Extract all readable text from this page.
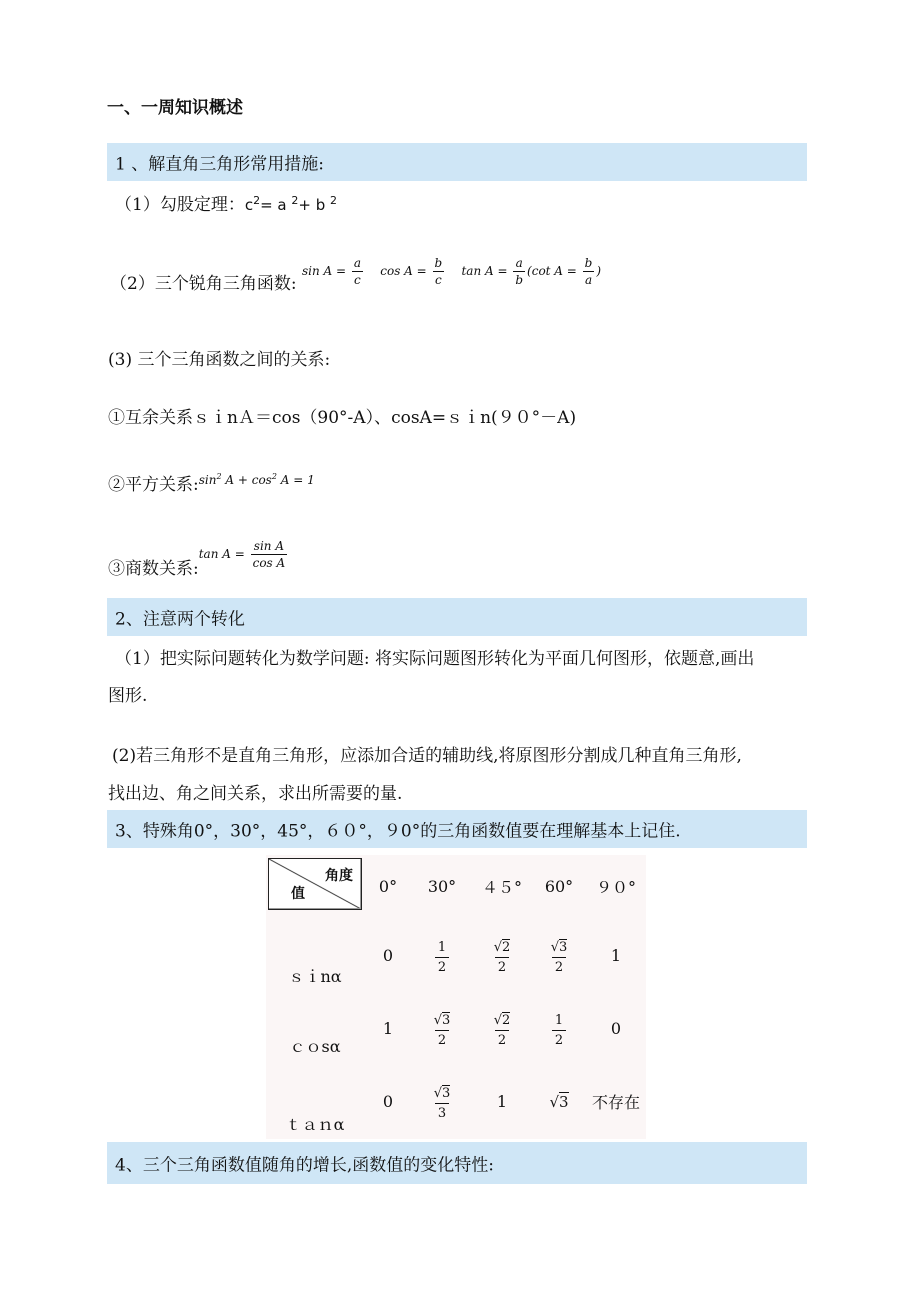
一、一周知识概述
1 、解直角三角形常用措施:
（1）勾股定理：$c^2= a$ $^2$+ b $^2$
（2）三个锐角三角函数: $\sin A = \frac{a}{c}$ $\cos A = \frac{b}{c}$ $\tan A = \frac{a}{b} (\cot$ $A = \frac{b}{a}$ )
(3) 三个三角函数之间的关系:
①互余关系ｓｉnＡ＝cos（90°-A）、cosA=ｓｉn(９０°－A)
②平方关系:$^{sin^2 A + cos^2 A = 1}$
③商数关系:tan $A = \frac{\text{sin A}}{\text{cos A}}$
2、注意两个转化
（1）把实际问题转化为数学问题: 将实际问题图形转化为平面几何图形，依题意,画出
图形.
(2)若三角形不是直角三角形，应添加合适的辅助线,将原图形分割成几种直角三角形,
找出边、角之间关系，求出所需要的量.
3、特殊角0°，30°，45°，６０°，９0°的三角函数值要在理解基本上记住.
角度
值	0°	30°	４５°	60°	９０°
ｓｉnα	0	$\frac{1}{2}$	$\frac{√2}{2}$	$\frac{√3}{2}$	1
ｃｏsα	1	$\frac{√3}{2}$	$\frac{√2}{2}$	$\frac{1}{2}$	0
ｔａｎα	0	$\frac{√3}{3}$	1	√3	不存在
4、三个三角函数值随角的增长,函数值的变化特性:
